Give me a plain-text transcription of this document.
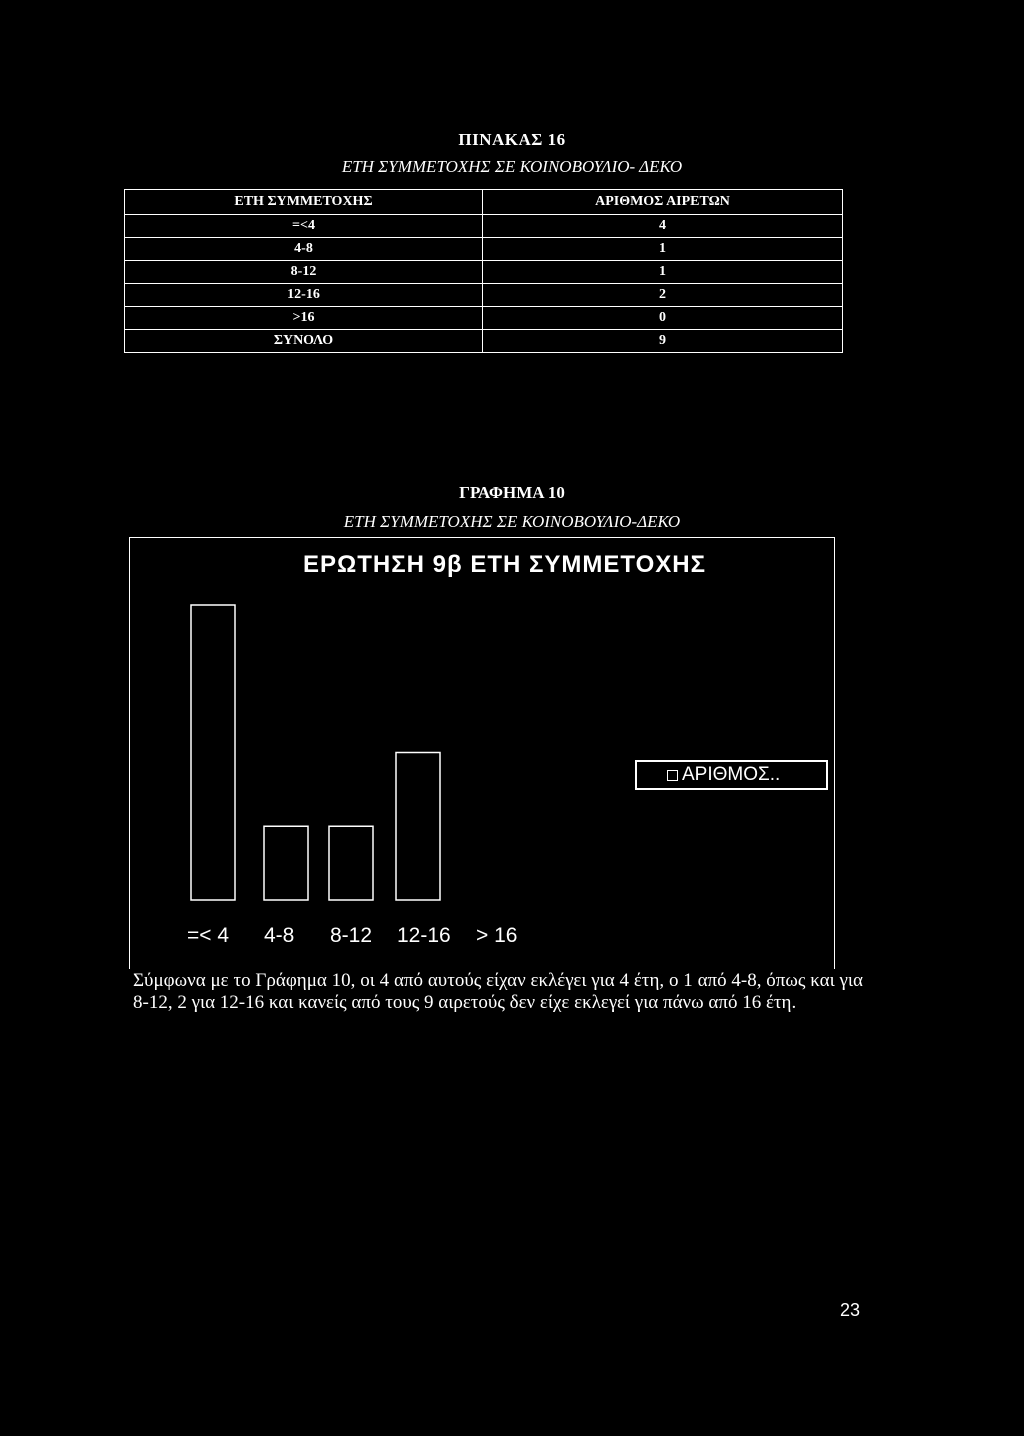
ΠΙΝΑΚΑΣ 16
ΕΤΗ ΣΥΜΜΕΤΟΧΗΣ ΣΕ ΚΟΙΝΟΒΟΥΛΙΟ- ΔΕΚΟ
ΕΤΗ ΣΥΜΜΕΤΟΧΗΣ	ΑΡΙΘΜΟΣ ΑΙΡΕΤΩΝ
=<4	4
4-8	1
8-12	1
12-16	2
>16	0
ΣΥΝΟΛΟ	9
ΓΡΑΦΗΜΑ 10
ΕΤΗ ΣΥΜΜΕΤΟΧΗΣ ΣΕ ΚΟΙΝΟΒΟΥΛΙΟ-ΔΕΚΟ
ΕΡΩΤΗΣΗ 9β ΕΤΗ ΣΥΜΜΕΤΟΧΗΣ
ΑΡΙΘΜΟΣ..
=< 4 4-8 8-12 12-16 > 16
Σύμφωνα με το Γράφημα 10, οι 4 από αυτούς είχαν εκλέγει για 4 έτη, ο 1 από 4-8, όπως και για 8-12, 2 για 12-16 και κανείς από τους 9 αιρετούς δεν είχε εκλεγεί για πάνω από 16 έτη.
23
